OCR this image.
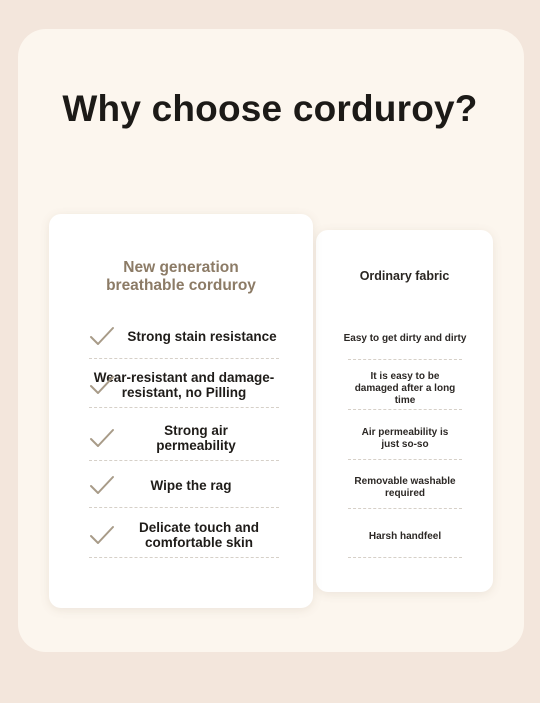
Why choose corduroy?
New generation breathable corduroy
Strong stain resistance
Wear-resistant and damage-resistant, no Pilling
Strong air permeability
Wipe the rag
Delicate touch and comfortable skin
Ordinary fabric
Easy to get dirty and dirty
It is easy to be damaged after a long time
Air permeability is just so-so
Removable washable required
Harsh handfeel
